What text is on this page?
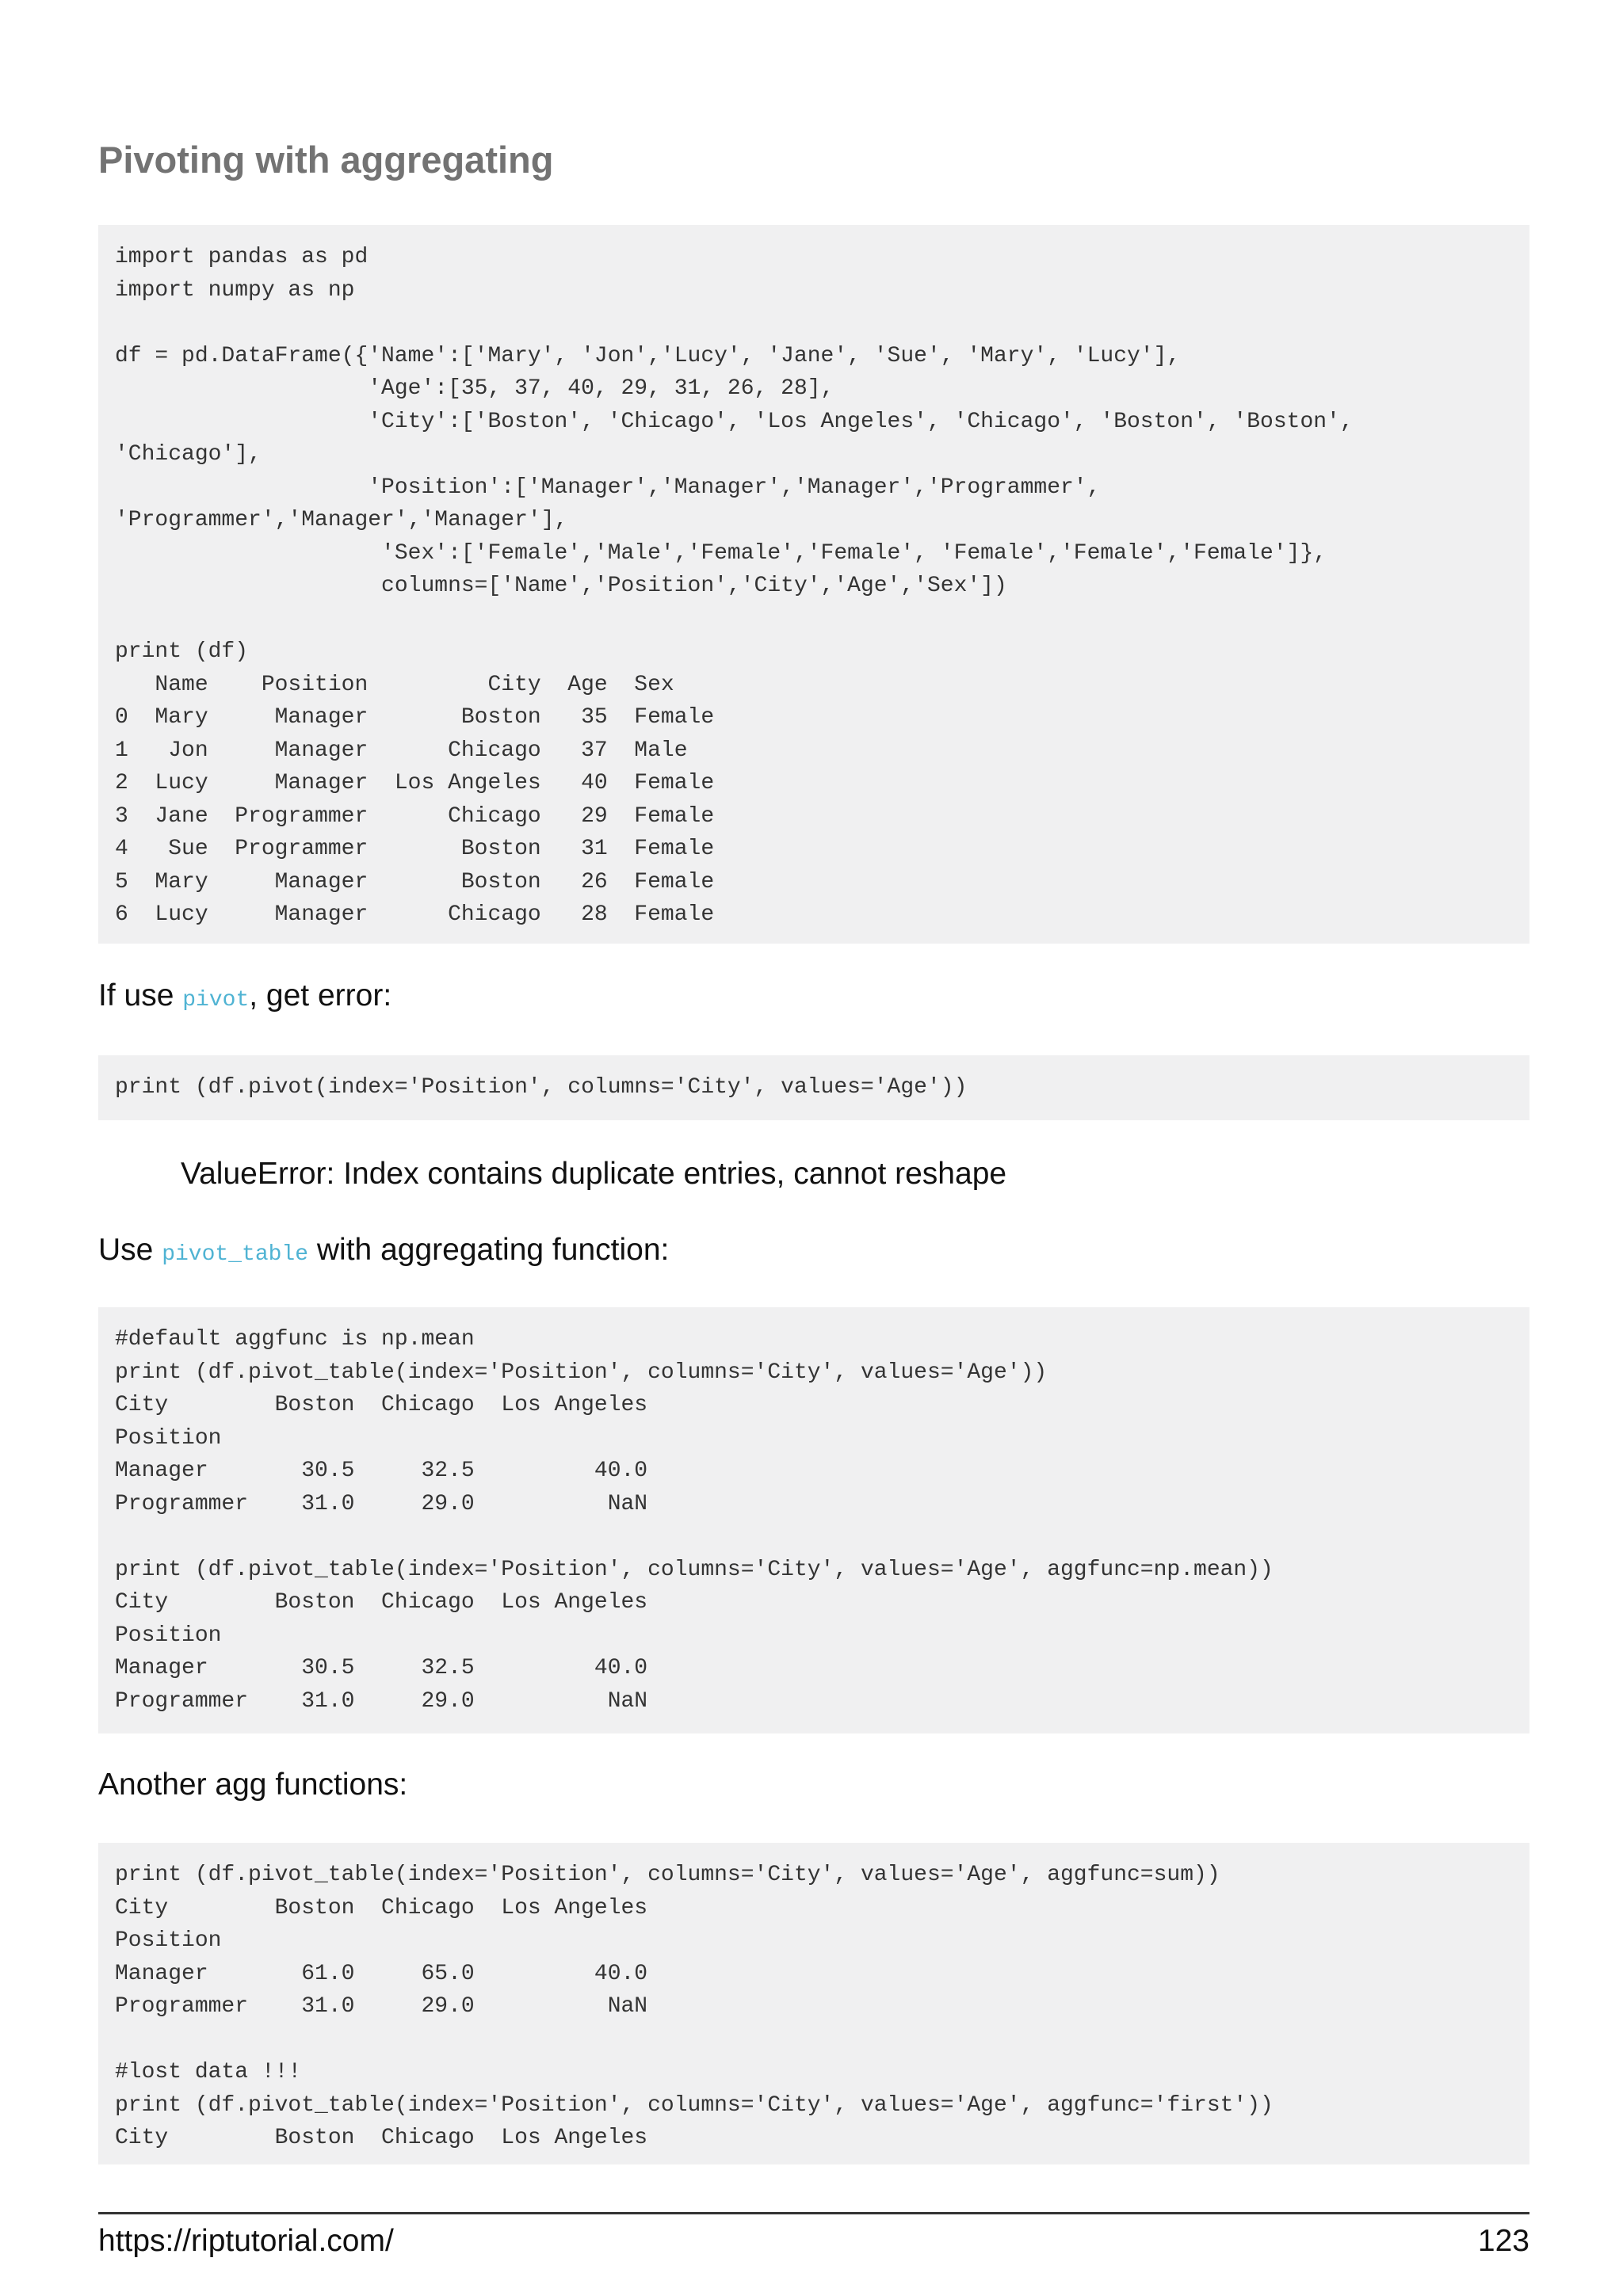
Pivoting with aggregating
import pandas as pd
import numpy as np

df = pd.DataFrame({'Name':['Mary', 'Jon','Lucy', 'Jane', 'Sue', 'Mary', 'Lucy'],
'Age':[35, 37, 40, 29, 31, 26, 28],
'City':['Boston', 'Chicago', 'Los Angeles', 'Chicago', 'Boston', 'Boston',
'Chicago'],
'Position':['Manager','Manager','Manager','Programmer',
'Programmer','Manager','Manager'],
'Sex':['Female','Male','Female','Female', 'Female','Female','Female']},
columns=['Name','Position','City','Age','Sex'])

print (df)
Name    Position         City  Age  Sex
0  Mary     Manager       Boston   35  Female
1   Jon     Manager      Chicago   37  Male
2  Lucy     Manager  Los Angeles   40  Female
3  Jane  Programmer      Chicago   29  Female
4   Sue  Programmer       Boston   31  Female
5  Mary     Manager       Boston   26  Female
6  Lucy     Manager      Chicago   28  Female

If use pivot, get error:

print (df.pivot(index='Position', columns='City', values='Age'))

ValueError: Index contains duplicate entries, cannot reshape

Use pivot_table with aggregating function:

#default aggfunc is np.mean
print (df.pivot_table(index='Position', columns='City', values='Age'))
City        Boston  Chicago  Los Angeles
Position
Manager       30.5     32.5         40.0
Programmer    31.0     29.0          NaN

print (df.pivot_table(index='Position', columns='City', values='Age', aggfunc=np.mean))
City        Boston  Chicago  Los Angeles
Position
Manager       30.5     32.5         40.0
Programmer    31.0     29.0          NaN

Another agg functions:

print (df.pivot_table(index='Position', columns='City', values='Age', aggfunc=sum))
City        Boston  Chicago  Los Angeles
Position
Manager       61.0     65.0         40.0
Programmer    31.0     29.0          NaN

#lost data !!!
print (df.pivot_table(index='Position', columns='City', values='Age', aggfunc='first'))
City        Boston  Chicago  Los Angeles
https://riptutorial.com/	123
